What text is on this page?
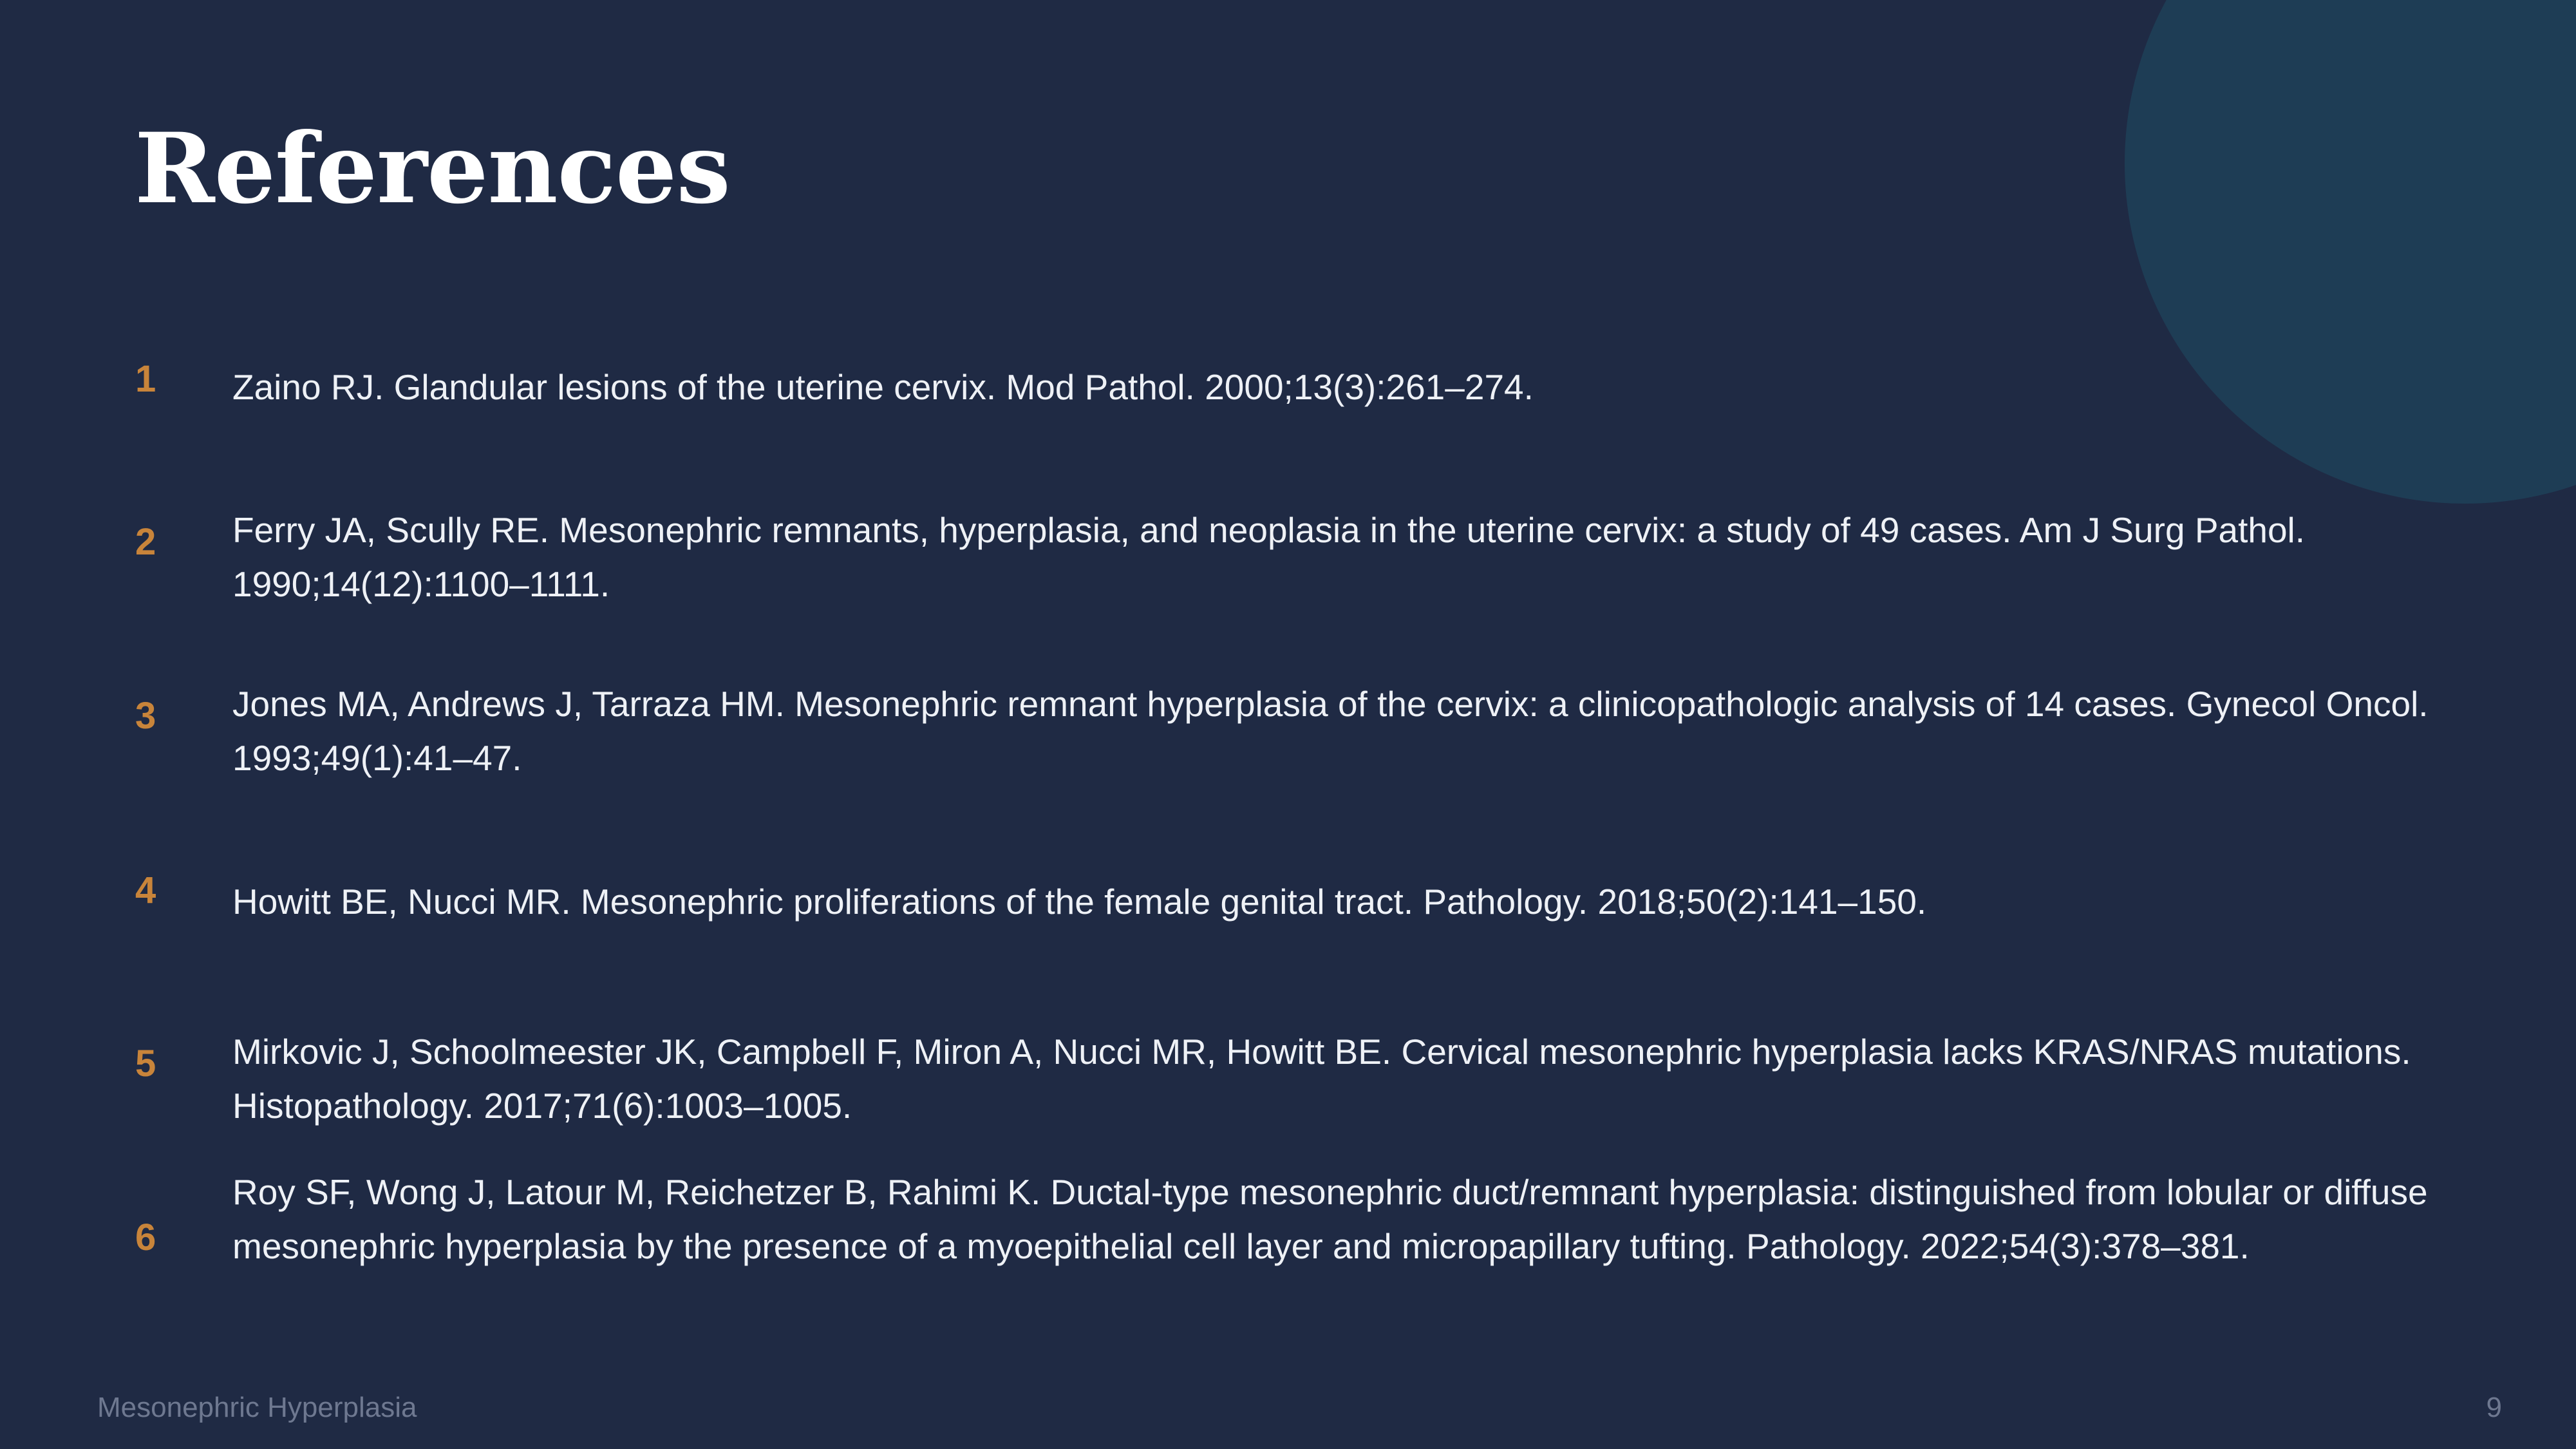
References
1 Zaino RJ. Glandular lesions of the uterine cervix. Mod Pathol. 2000;13(3):261–274.

2 Ferry JA, Scully RE. Mesonephric remnants, hyperplasia, and neoplasia in the uterine cervix: a study of 49 cases. Am J Surg Pathol. 1990;14(12):1100–1111.

3 Jones MA, Andrews J, Tarraza HM. Mesonephric remnant hyperplasia of the cervix: a clinicopathologic analysis of 14 cases. Gynecol Oncol. 1993;49(1):41–47.

4 Howitt BE, Nucci MR. Mesonephric proliferations of the female genital tract. Pathology. 2018;50(2):141–150.

5 Mirkovic J, Schoolmeester JK, Campbell F, Miron A, Nucci MR, Howitt BE. Cervical mesonephric hyperplasia lacks KRAS/NRAS mutations. Histopathology. 2017;71(6):1003–1005.

6

Roy SF, Wong J, Latour M, Reichetzer B, Rahimi K. Ductal-type mesonephric duct/remnant hyperplasia: distinguished from lobular or diffuse mesonephric hyperplasia by the presence of a myoepithelial cell layer and micropapillary tufting. Pathology. 2022;54(3):378–381.

Mesonephric Hyperplasia	9
